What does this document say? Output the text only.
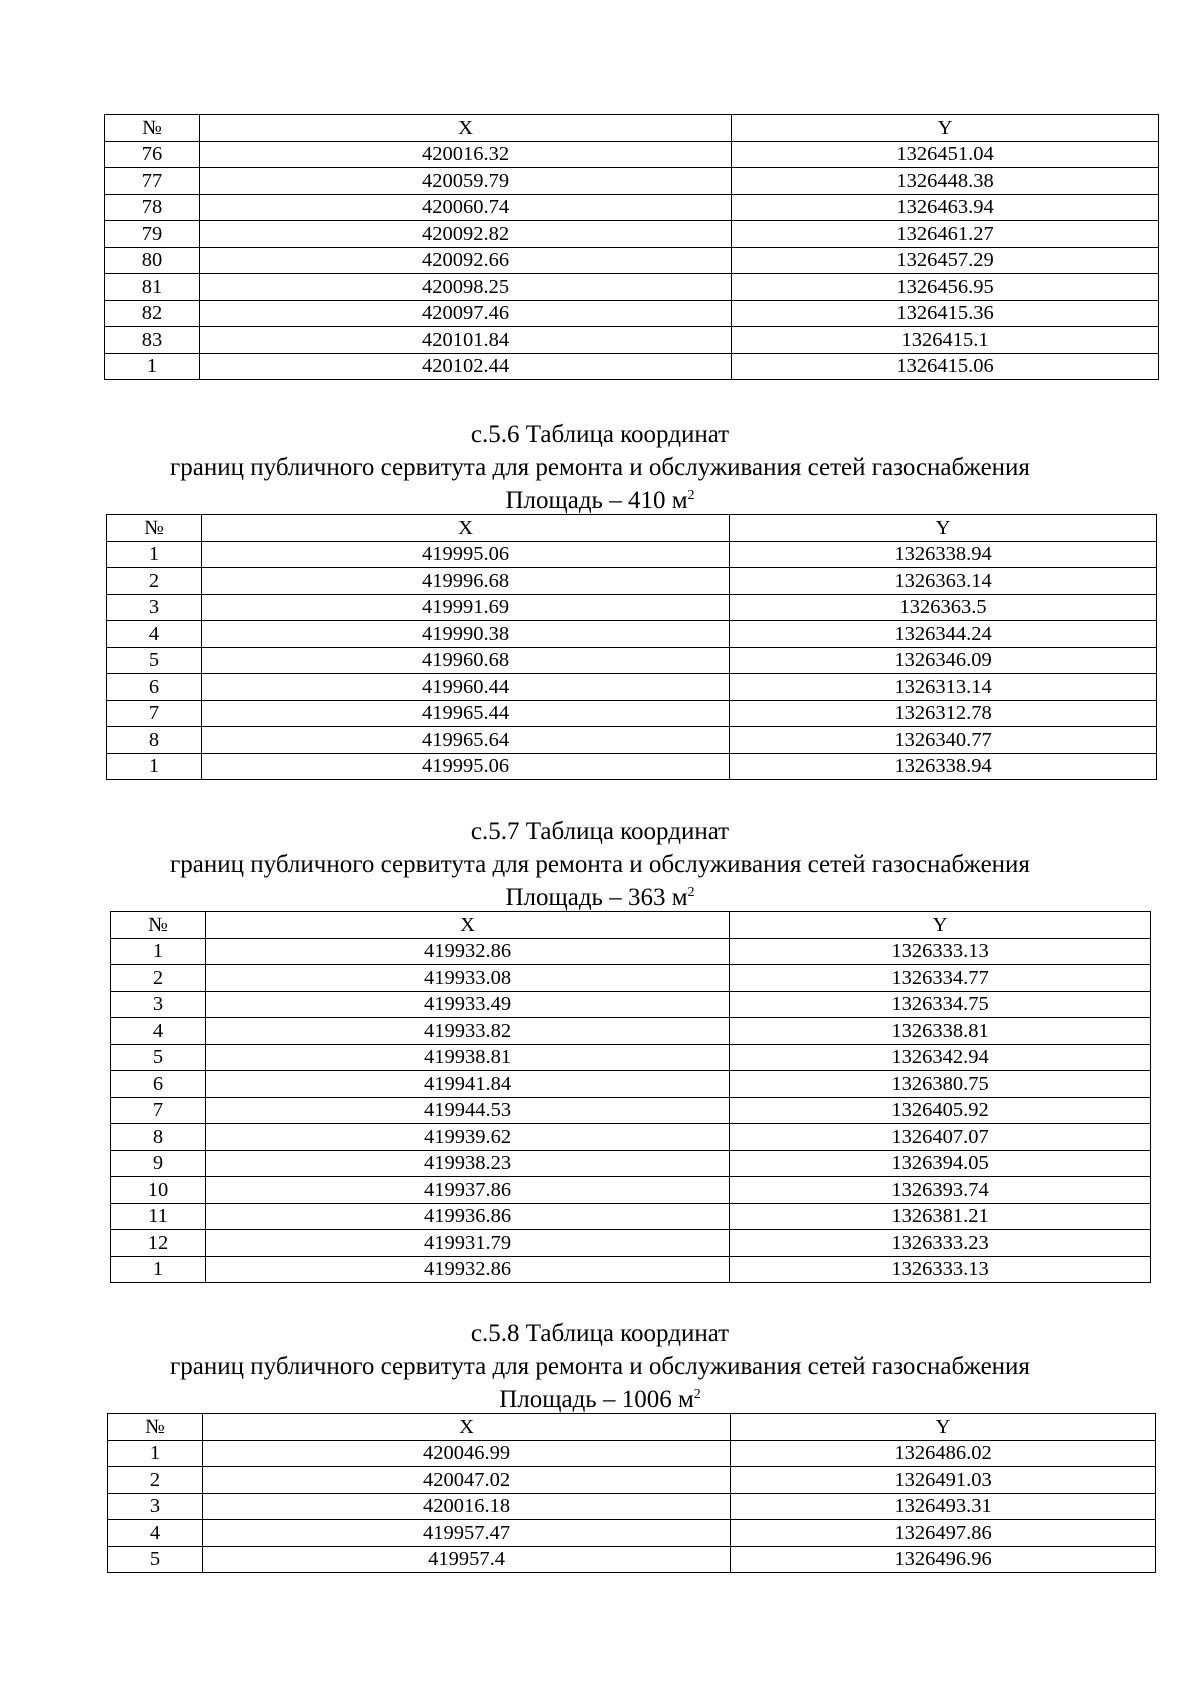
№	X	Y
76	420016.32	1326451.04
77	420059.79	1326448.38
78	420060.74	1326463.94
79	420092.82	1326461.27
80	420092.66	1326457.29
81	420098.25	1326456.95
82	420097.46	1326415.36
83	420101.84	1326415.1
1	420102.44	1326415.06
с.5.6 Таблица координат
границ публичного сервитута для ремонта и обслуживания сетей газоснабжения
Площадь – 410 $м^2$
№	X	Y
1	419995.06	1326338.94
2	419996.68	1326363.14
3	419991.69	1326363.5
4	419990.38	1326344.24
5	419960.68	1326346.09
6	419960.44	1326313.14
7	419965.44	1326312.78
8	419965.64	1326340.77
1	419995.06	1326338.94
с.5.7 Таблица координат
границ публичного сервитута для ремонта и обслуживания сетей газоснабжения
Площадь – 363 $м^2$
№	X	Y
1	419932.86	1326333.13
2	419933.08	1326334.77
3	419933.49	1326334.75
4	419933.82	1326338.81
5	419938.81	1326342.94
6	419941.84	1326380.75
7	419944.53	1326405.92
8	419939.62	1326407.07
9	419938.23	1326394.05
10	419937.86	1326393.74
11	419936.86	1326381.21
12	419931.79	1326333.23
1	419932.86	1326333.13
с.5.8 Таблица координат
границ публичного сервитута для ремонта и обслуживания сетей газоснабжения
Площадь – 1006 $м^2$
№	X	Y
1	420046.99	1326486.02
2	420047.02	1326491.03
3	420016.18	1326493.31
4	419957.47	1326497.86
5	419957.4	1326496.96
